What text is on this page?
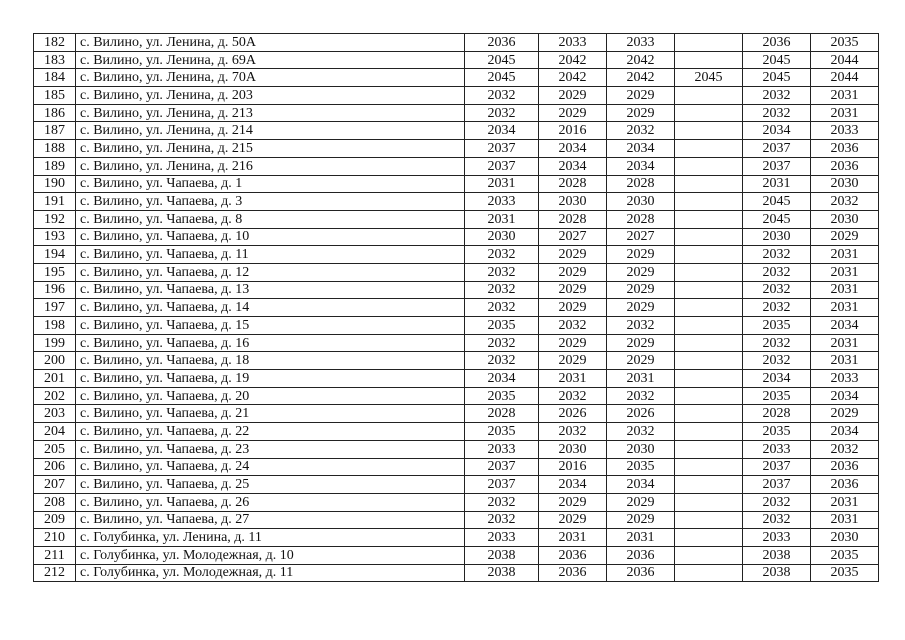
182	с. Вилино, ул. Ленина, д. 50А	2036	2033	2033		2036	2035
183	с. Вилино, ул. Ленина, д. 69А	2045	2042	2042		2045	2044
184	с. Вилино, ул. Ленина, д. 70А	2045	2042	2042	2045	2045	2044
185	с. Вилино, ул. Ленина, д. 203	2032	2029	2029		2032	2031
186	с. Вилино, ул. Ленина, д. 213	2032	2029	2029		2032	2031
187	с. Вилино, ул. Ленина, д. 214	2034	2016	2032		2034	2033
188	с. Вилино, ул. Ленина, д. 215	2037	2034	2034		2037	2036
189	с. Вилино, ул. Ленина, д. 216	2037	2034	2034		2037	2036
190	с. Вилино, ул. Чапаева, д. 1	2031	2028	2028		2031	2030
191	с. Вилино, ул. Чапаева, д. 3	2033	2030	2030		2045	2032
192	с. Вилино, ул. Чапаева, д. 8	2031	2028	2028		2045	2030
193	с. Вилино, ул. Чапаева, д. 10	2030	2027	2027		2030	2029
194	с. Вилино, ул. Чапаева, д. 11	2032	2029	2029		2032	2031
195	с. Вилино, ул. Чапаева, д. 12	2032	2029	2029		2032	2031
196	с. Вилино, ул. Чапаева, д. 13	2032	2029	2029		2032	2031
197	с. Вилино, ул. Чапаева, д. 14	2032	2029	2029		2032	2031
198	с. Вилино, ул. Чапаева, д. 15	2035	2032	2032		2035	2034
199	с. Вилино, ул. Чапаева, д. 16	2032	2029	2029		2032	2031
200	с. Вилино, ул. Чапаева, д. 18	2032	2029	2029		2032	2031
201	с. Вилино, ул. Чапаева, д. 19	2034	2031	2031		2034	2033
202	с. Вилино, ул. Чапаева, д. 20	2035	2032	2032		2035	2034
203	с. Вилино, ул. Чапаева, д. 21	2028	2026	2026		2028	2029
204	с. Вилино, ул. Чапаева, д. 22	2035	2032	2032		2035	2034
205	с. Вилино, ул. Чапаева, д. 23	2033	2030	2030		2033	2032
206	с. Вилино, ул. Чапаева, д. 24	2037	2016	2035		2037	2036
207	с. Вилино, ул. Чапаева, д. 25	2037	2034	2034		2037	2036
208	с. Вилино, ул. Чапаева, д. 26	2032	2029	2029		2032	2031
209	с. Вилино, ул. Чапаева, д. 27	2032	2029	2029		2032	2031
210	с. Голубинка, ул. Ленина, д. 11	2033	2031	2031		2033	2030
211	с. Голубинка, ул. Молодежная, д. 10	2038	2036	2036		2038	2035
212	с. Голубинка, ул. Молодежная, д. 11	2038	2036	2036		2038	2035
